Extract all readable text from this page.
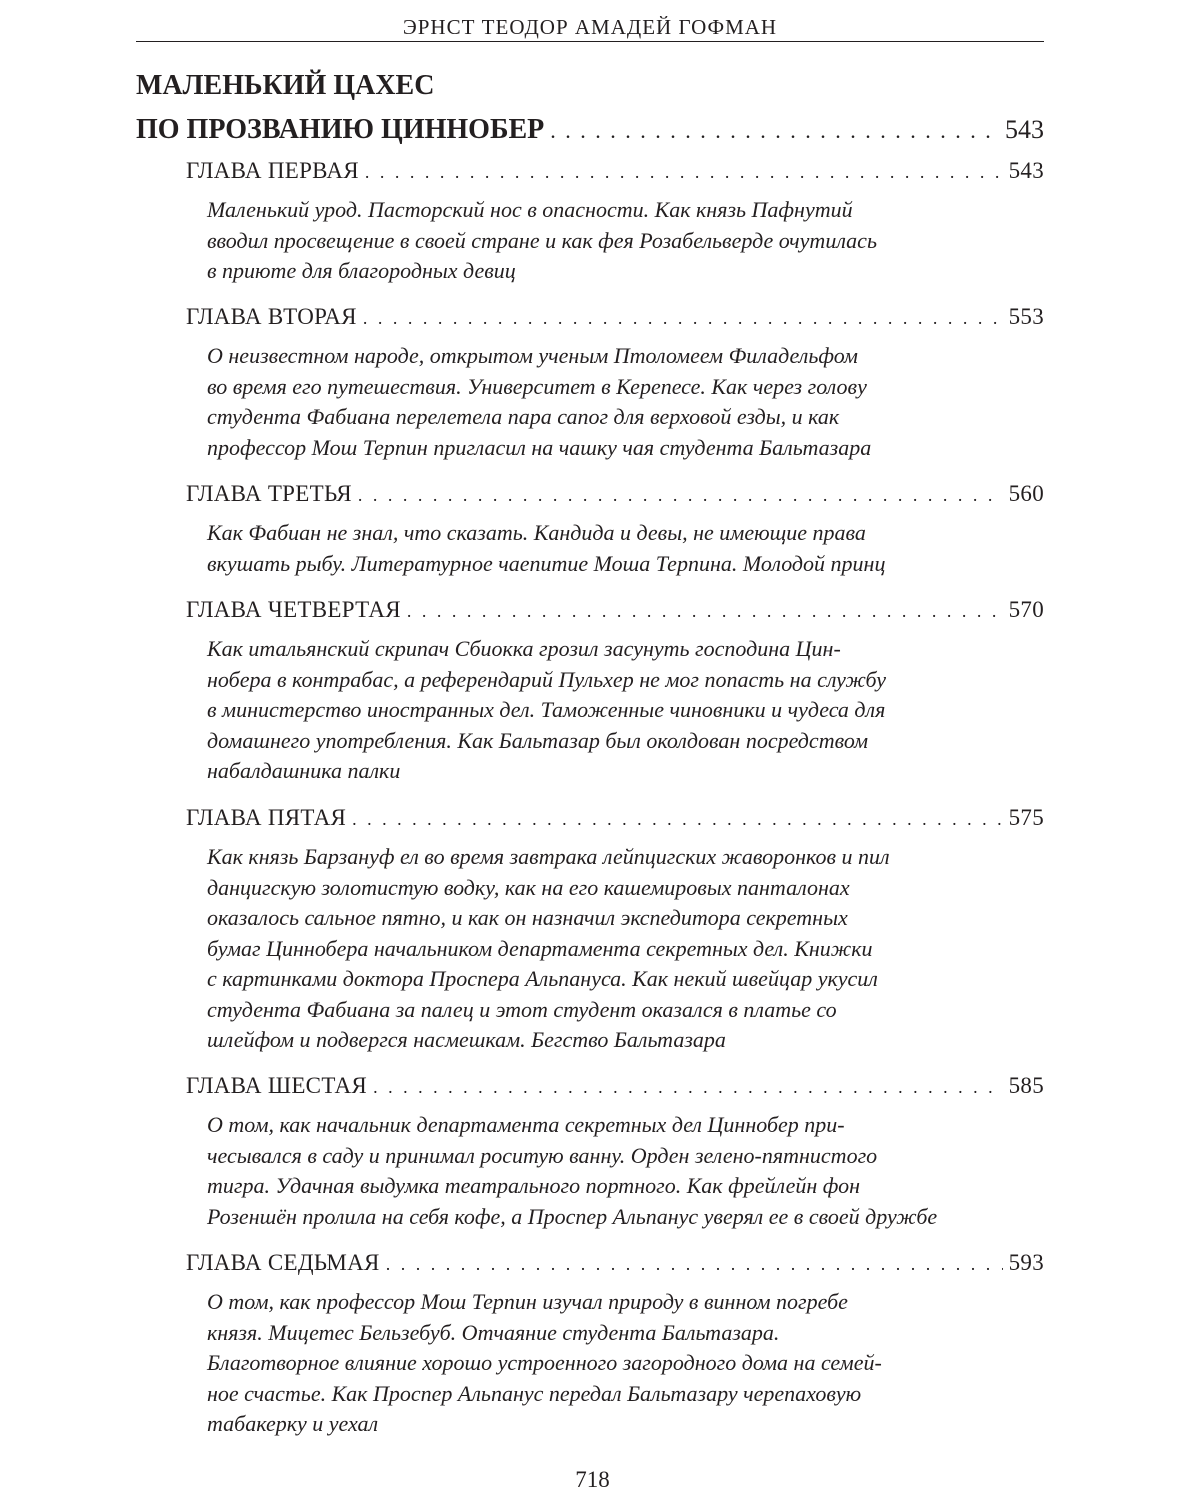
ЭРНСТ ТЕОДОР АМАДЕЙ ГОФМАН
МАЛЕНЬКИЙ ЦАХЕС
ПО ПРОЗВАНИЮ ЦИННОБЕР . . .	543
ГЛАВА ПЕРВАЯ . . .	543
Маленький урод. Пасторский нос в опасности. Как князь Пафнутий
вводил просвещение в своей стране и как фея Розабельверде очутилась
в приюте для благородных девиц
ГЛАВА ВТОРАЯ . . .	553
О неизвестном народе, открытом ученым Птоломеем Филадельфом
во время его путешествия. Университет в Керепесе. Как через голову
студента Фабиана перелетела пара сапог для верховой езды, и как
профессор Мош Терпин пригласил на чашку чая студента Бальтазара
ГЛАВА ТРЕТЬЯ . . .	560
Как Фабиан не знал, что сказать. Кандида и девы, не имеющие права
вкушать рыбу. Литературное чаепитие Моша Терпина. Молодой принц
ГЛАВА ЧЕТВЕРТАЯ . . .	570
Как итальянский скрипач Сбиокка грозил засунуть господина Цин-
нобера в контрабас, а референдарий Пульхер не мог попасть на службу
в министерство иностранных дел. Таможенные чиновники и чудеса для
домашнего употребления. Как Бальтазар был околдован посредством
набалдашника палки
ГЛАВА ПЯТАЯ . . .	575
Как князь Барзануф ел во время завтрака лейпцигских жаворонков и пил
данцигскую золотистую водку, как на его кашемировых панталонах
оказалось сальное пятно, и как он назначил экспедитора секретных
бумаг Циннобера начальником департамента секретных дел. Книжки
с картинками доктора Проспера Альпануса. Как некий швейцар укусил
студента Фабиана за палец и этот студент оказался в платье со
шлейфом и подвергся насмешкам. Бегство Бальтазара
ГЛАВА ШЕСТАЯ . . .	585
О том, как начальник департамента секретных дел Циннобер при-
чесывался в саду и принимал роситую ванну. Орден зелено-пятнистого
тигра. Удачная выдумка театрального портного. Как фрейлейн фон
Розеншён пролила на себя кофе, а Проспер Альпанус уверял ее в своей дружбе
ГЛАВА СЕДЬМАЯ . . .	593
О том, как профессор Мош Терпин изучал природу в винном погребе
князя. Мицетес Бельзебуб. Отчаяние студента Бальтазара.
Благотворное влияние хорошо устроенного загородного дома на семей-
ное счастье. Как Проспер Альпанус передал Бальтазару черепаховую
табакерку и уехал
718
